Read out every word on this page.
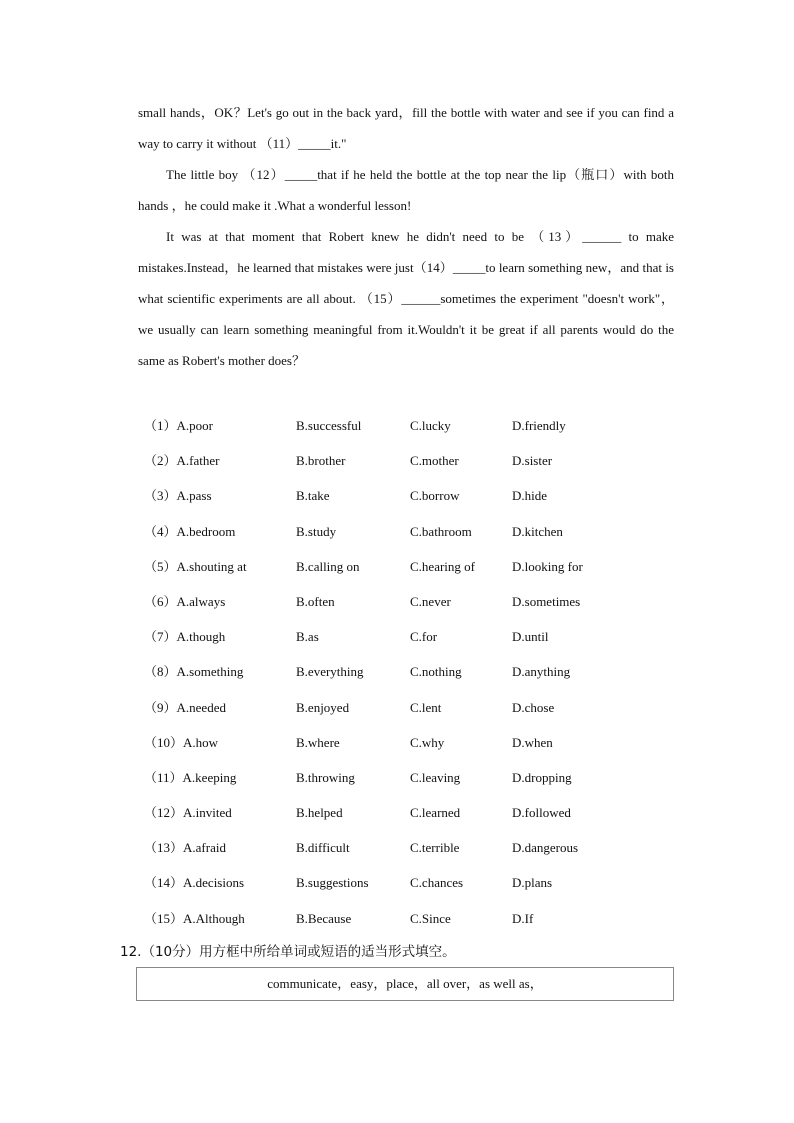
small hands，OK？Let's go out in the back yard，fill the bottle with water and see if you can find a way to carry it without （11）_____it."

The little boy （12）_____that if he held the bottle at the top near the lip（瓶口）with both hands ，he could make it .What a wonderful lesson!

It was at that moment that Robert knew he didn't need to be （13）______ to make mistakes.Instead，he learned that mistakes were just（14）_____to learn something new，and that is what scientific experiments are all about. （15）______sometimes the experiment "doesn't work"，we usually can learn something meaningful from it.Wouldn't it be great if all parents would do the same as Robert's mother does？

（1）A.poor	B.successful	C.lucky	D.friendly
（2）A.father	B.brother	C.mother	D.sister
（3）A.pass	B.take	C.borrow	D.hide
（4）A.bedroom	B.study	C.bathroom	D.kitchen
（5）A.shouting at	B.calling on	C.hearing of	D.looking for
（6）A.always	B.often	C.never	D.sometimes
（7）A.though	B.as	C.for	D.until
（8）A.something	B.everything	C.nothing	D.anything
（9）A.needed	B.enjoyed	C.lent	D.chose
（10）A.how	B.where	C.why	D.when
（11）A.keeping	B.throwing	C.leaving	D.dropping
（12）A.invited	B.helped	C.learned	D.followed
（13）A.afraid	B.difficult	C.terrible	D.dangerous
（14）A.decisions	B.suggestions	C.chances	D.plans
（15）A.Although	B.Because	C.Since	D.If
12.（10分）用方框中所给单词或短语的适当形式填空。
communicate，easy，place，all over，as well as，
